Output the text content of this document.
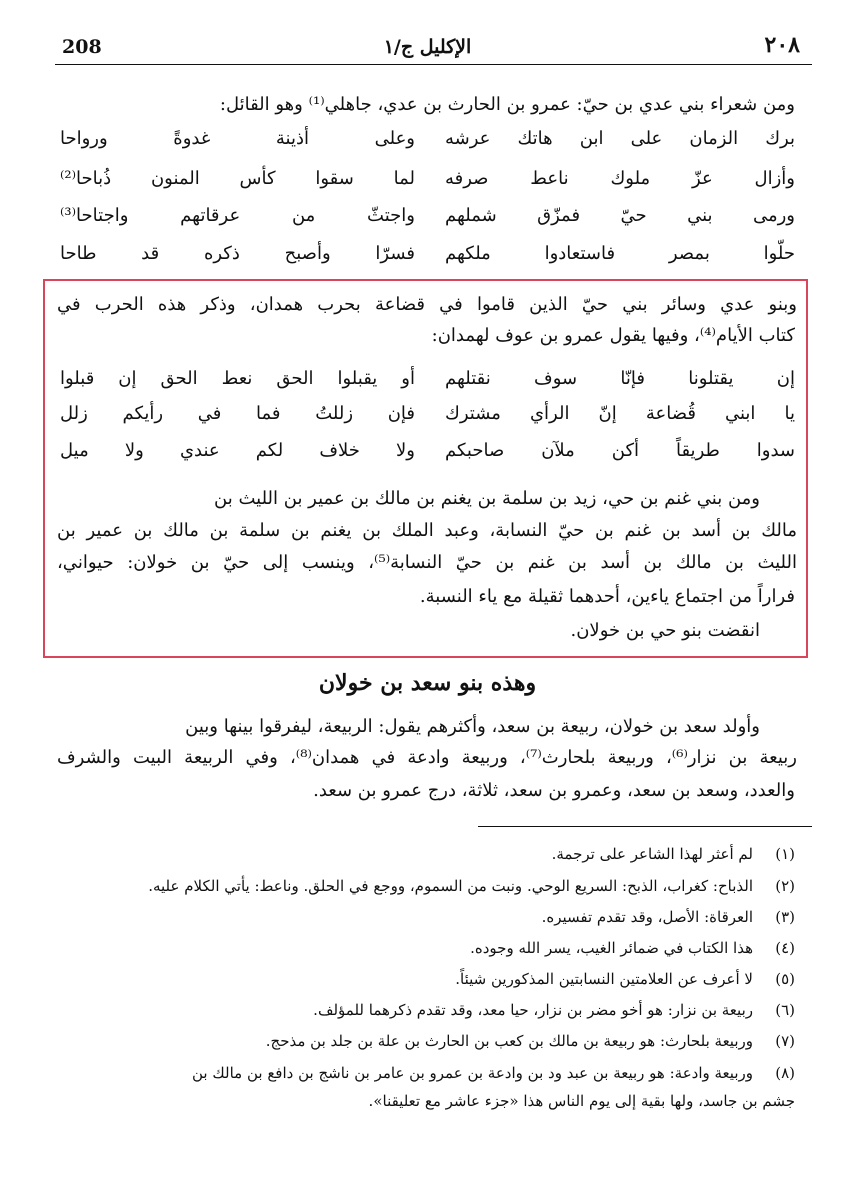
208	الإكليل ج/١	٢٠٨
ومن شعراء بني عدي بن حيّ: عمرو بن الحارث بن عدي، جاهلي⁽¹⁾ وهو القائل:
برك الزمان على ابن هاتك عرشه
وعلى أذينة غدوةً ورواحا
وأزال عزّ ملوك ناعط صرفه
لما سقوا كأس المنون ذُباحا⁽²⁾
ورمى بني حيّ فمزّق شملهم
واجتثّ من عرقاتهم واجتاحا⁽³⁾
حلّوا بمصر فاستعادوا ملكهم
فسرّا وأصبح ذكره قد طاحا
وبنو عدي وسائر بني حيّ الذين قاموا في قضاعة بحرب همدان، وذكر هذه الحرب في
كتاب الأيام⁽⁴⁾، وفيها يقول عمرو بن عوف لهمدان:
إن يقتلونا فإنّا سوف نقتلهم
أو يقبلوا الحق نعط الحق إن قبلوا
يا ابني قُضاعة إنّ الرأي مشترك
فإن زللتُ فما في رأيكم زلل
سدوا طريقاً أكن ملآن صاحبكم
ولا خلاف لكم عندي ولا ميل
ومن بني غنم بن حي، زيد بن سلمة بن يغنم بن مالك بن عمير بن الليث بن
مالك بن أسد بن غنم بن حيّ النسابة، وعبد الملك بن يغنم بن سلمة بن مالك بن عمير بن
الليث بن مالك بن أسد بن غنم بن حيّ النسابة⁽⁵⁾، وينسب إلى حيّ بن خولان: حيواني،
فراراً من اجتماع ياءين، أحدهما ثقيلة مع ياء النسبة.
انقضت بنو حي بن خولان.
وهذه بنو سعد بن خولان
وأولد سعد بن خولان، ربيعة بن سعد، وأكثرهم يقول: الربيعة، ليفرقوا بينها وبين
ربيعة بن نزار⁽⁶⁾، وربيعة بلحارث⁽⁷⁾، وربيعة وادعة في همدان⁽⁸⁾، وفي الربيعة البيت والشرف
والعدد، وسعد بن سعد، وعمرو بن سعد، ثلاثة، درج عمرو بن سعد.
(١)لم أعثر لهذا الشاعر على ترجمة.
(٢)الذباح: كغراب، الذبح: السريع الوحي. ونبت من السموم، ووجع في الحلق. وناعط: يأتي الكلام عليه.
(٣)العرقاة: الأصل، وقد تقدم تفسيره.
(٤)هذا الكتاب في ضمائر الغيب، يسر الله وجوده.
(٥)لا أعرف عن العلامتين النسابتين المذكورين شيئاً.
(٦)ربيعة بن نزار: هو أخو مضر بن نزار، حيا معد، وقد تقدم ذكرهما للمؤلف.
(٧)وربيعة بلحارث: هو ربيعة بن مالك بن كعب بن الحارث بن علة بن جلد بن مذحج.
(٨)وربيعة وادعة: هو ربيعة بن عبد ود بن وادعة بن عمرو بن عامر بن ناشج بن دافع بن مالك بن
جشم بن جاسد، ولها بقية إلى يوم الناس هذا «جزء عاشر مع تعليقنا».
